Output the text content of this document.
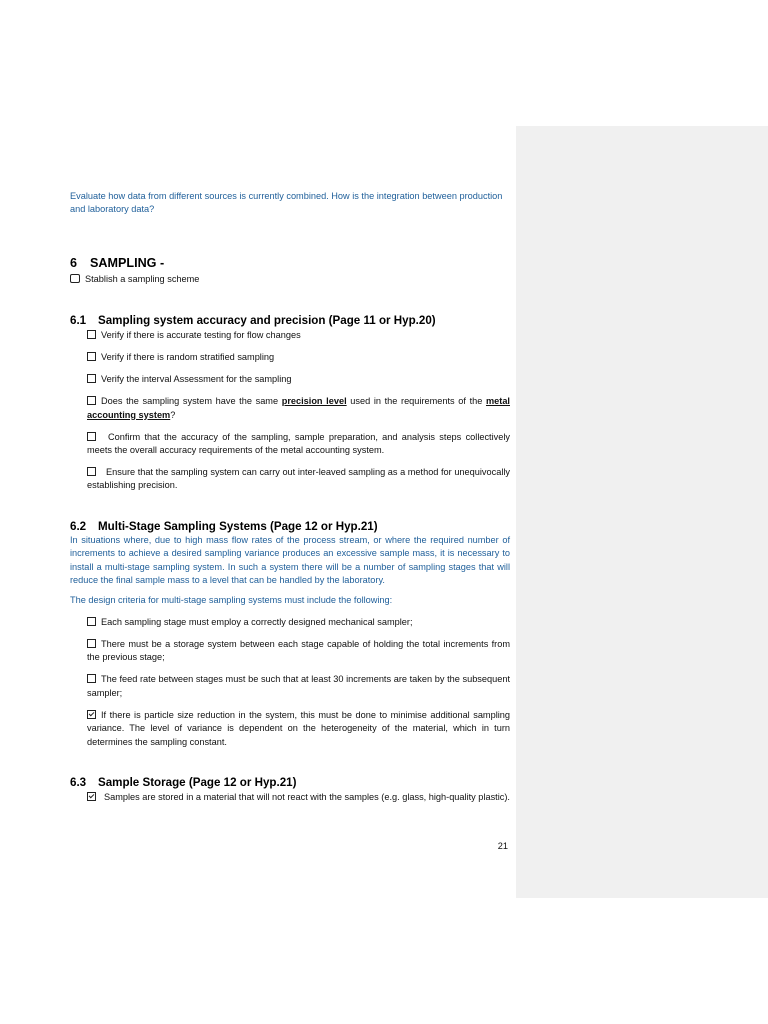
Evaluate how data from different sources is currently combined. How is the integration between production and laboratory data?

6 SAMPLING -

Stablish a sampling scheme

6.1 Sampling system accuracy and precision (Page 11 or Hyp.20)

Verify if there is accurate testing for flow changes

Verify if there is random stratified sampling

Verify the interval Assessment for the sampling

Does the sampling system have the same precision level used in the requirements of the metal accounting system?

Confirm that the accuracy of the sampling, sample preparation, and analysis steps collectively meets the overall accuracy requirements of the metal accounting system.

Ensure that the sampling system can carry out inter-leaved sampling as a method for unequivocally establishing precision.

6.2 Multi-Stage Sampling Systems (Page 12 or Hyp.21)

In situations where, due to high mass flow rates of the process stream, or where the required number of increments to achieve a desired sampling variance produces an excessive sample mass, it is necessary to install a multi-stage sampling system. In such a system there will be a number of sampling stages that will reduce the final sample mass to a level that can be handled by the laboratory.

The design criteria for multi-stage sampling systems must include the following:

Each sampling stage must employ a correctly designed mechanical sampler;

There must be a storage system between each stage capable of holding the total increments from the previous stage;

The feed rate between stages must be such that at least 30 increments are taken by the subsequent sampler;

If there is particle size reduction in the system, this must be done to minimise additional sampling variance. The level of variance is dependent on the heterogeneity of the material, which in turn determines the sampling constant.

6.3 Sample Storage (Page 12 or Hyp.21)

Samples are stored in a material that will not react with the samples (e.g. glass, high-quality plastic).

21
